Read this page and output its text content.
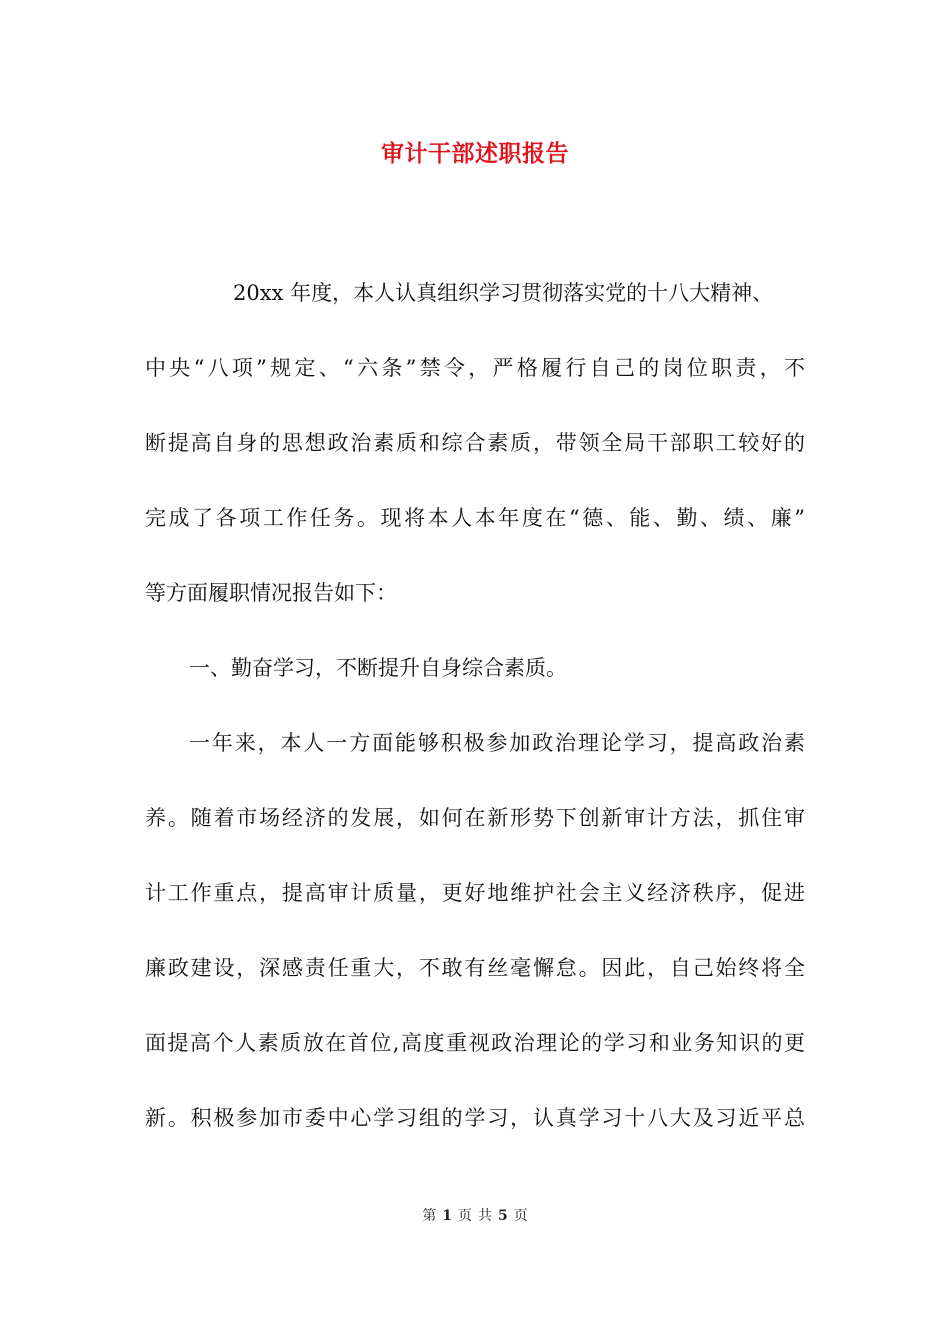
审计干部述职报告
20xx 年度，本人认真组织学习贯彻落实党的十八大精神、
中央“八项”规定、“六条”禁令，严格履行自己的岗位职责，不
断提高自身的思想政治素质和综合素质，带领全局干部职工较好的
完成了各项工作任务。现将本人本年度在“德、能、勤、绩、廉”
等方面履职情况报告如下：
一、勤奋学习，不断提升自身综合素质。
一年来，本人一方面能够积极参加政治理论学习，提高政治素
养。随着市场经济的发展，如何在新形势下创新审计方法，抓住审
计工作重点，提高审计质量，更好地维护社会主义经济秩序，促进
廉政建设，深感责任重大，不敢有丝毫懈怠。因此，自己始终将全
面提高个人素质放在首位,高度重视政治理论的学习和业务知识的更
新。积极参加市委中心学习组的学习，认真学习十八大及习近平总
第 1 页 共 5 页
